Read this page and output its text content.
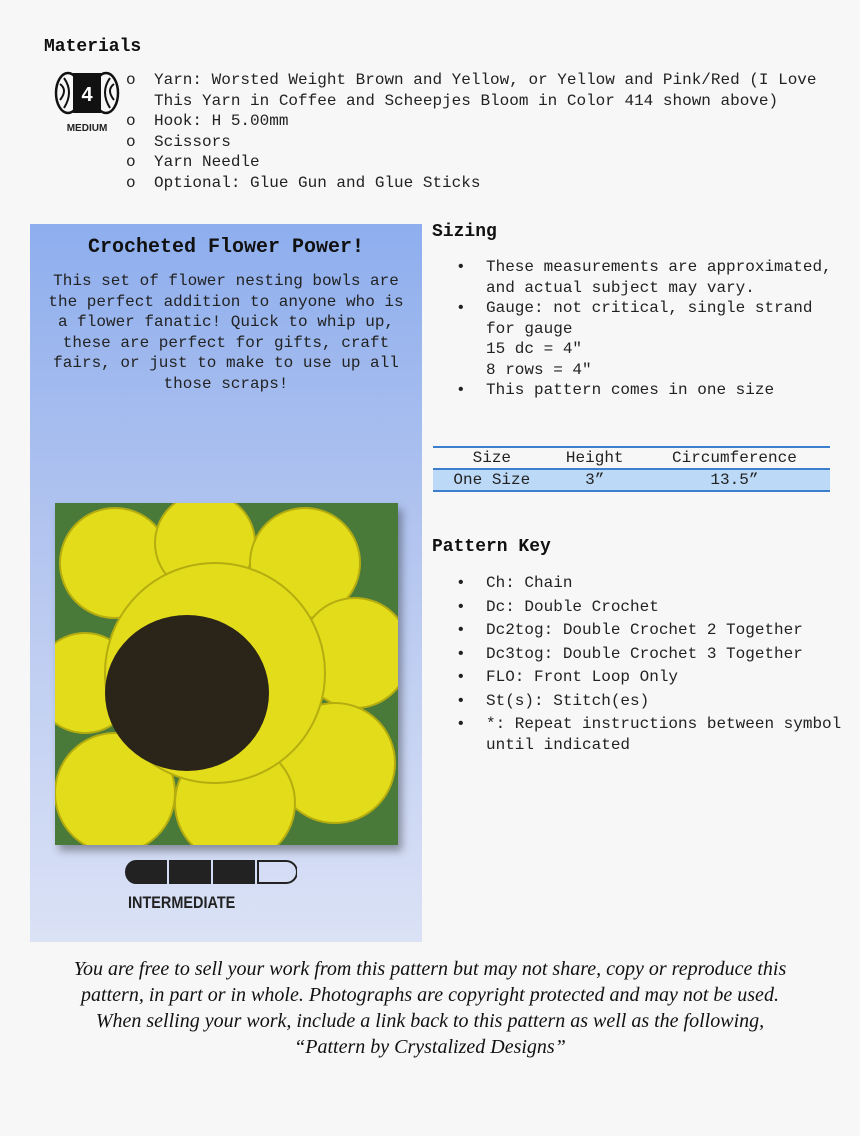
Materials
4
MEDIUM
o	Yarn: Worsted Weight Brown and Yellow, or Yellow and Pink/Red (I Love This Yarn in Coffee and Scheepjes Bloom in Color 414 shown above)
o	Hook: H 5.00mm
o	Scissors
o	Yarn Needle
o	Optional: Glue Gun and Glue Sticks
Crocheted Flower Power!

This set of flower nesting bowls are the perfect addition to anyone who is a flower fanatic! Quick to whip up, these are perfect for gifts, craft fairs, or just to make to use up all those scraps!

INTERMEDIATE
Sizing
•	These measurements are approximated, and actual subject may vary.
•	Gauge: not critical, single strand for gauge
15 dc = 4"
8 rows = 4"
•	This pattern comes in one size
Size	Height	Circumference
One Size	3”	13.5”
Pattern Key
•	Ch: Chain
•	Dc: Double Crochet
•	Dc2tog: Double Crochet 2 Together
•	Dc3tog: Double Crochet 3 Together
•	FLO: Front Loop Only
•	St(s): Stitch(es)
•	*: Repeat instructions between symbol until indicated

You are free to sell your work from this pattern but may not share, copy or reproduce this pattern, in part or in whole. Photographs are copyright protected and may not be used. When selling your work, include a link back to this pattern as well as the following, “Pattern by Crystalized Designs”
